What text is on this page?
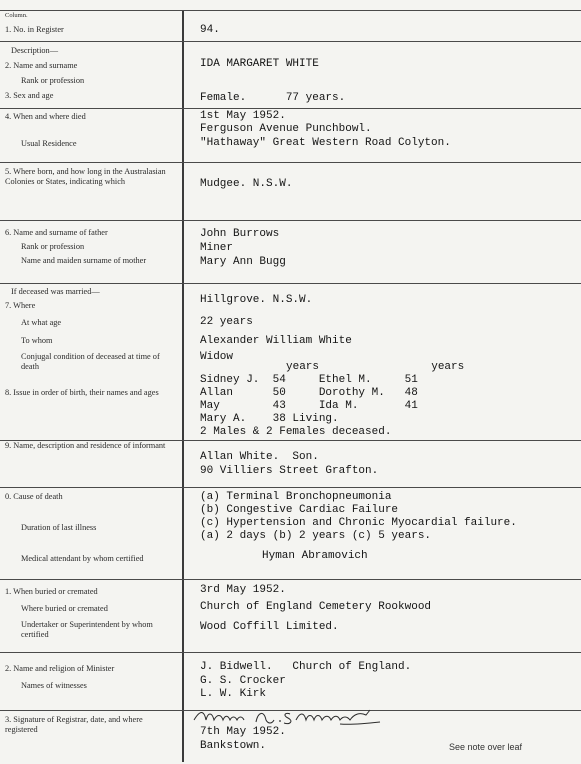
Column.
1. No. in Register
Description—
2. Name and surname
Rank or profession
3. Sex and age
4. When and where died
Usual Residence
5. Where born, and how long in the Australasian Colonies or States, indicating which
6. Name and surname of father
Rank or profession
Name and maiden surname of mother
If deceased was married—
7. Where
At what age
To whom
Conjugal condition of deceased at time of death
8. Issue in order of birth, their names and ages
9. Name, description and residence of informant
0. Cause of death
Duration of last illness
Medical attendant by whom certified
1. When buried or cremated
Where buried or cremated
Undertaker or Superintendent by whom certified
2. Name and religion of Minister
Names of witnesses
3. Signature of Registrar, date, and where registered
94.
IDA MARGARET WHITE
Female.      77 years.
1st May 1952.
Ferguson Avenue Punchbowl.
"Hathaway" Great Western Road Colyton.
Mudgee. N.S.W.
John Burrows
Miner
Mary Ann Bugg
Hillgrove. N.S.W.
22 years
Alexander William White
Widow
years                 years
Sidney J.  54     Ethel M.     51
Allan      50     Dorothy M.   48
May        43     Ida M.       41
Mary A.    38 Living.
2 Males & 2 Females deceased.
Allan White.  Son.
90 Villiers Street Grafton.
(a) Terminal Bronchopneumonia
(b) Congestive Cardiac Failure
(c) Hypertension and Chronic Myocardial failure.
(a) 2 days (b) 2 years (c) 5 years.
Hyman Abramovich
3rd May 1952.
Church of England Cemetery Rookwood
Wood Coffill Limited.
J. Bidwell.   Church of England.
G. S. Crocker
L. W. Kirk
7th May 1952.
Bankstown.	See note over leaf
